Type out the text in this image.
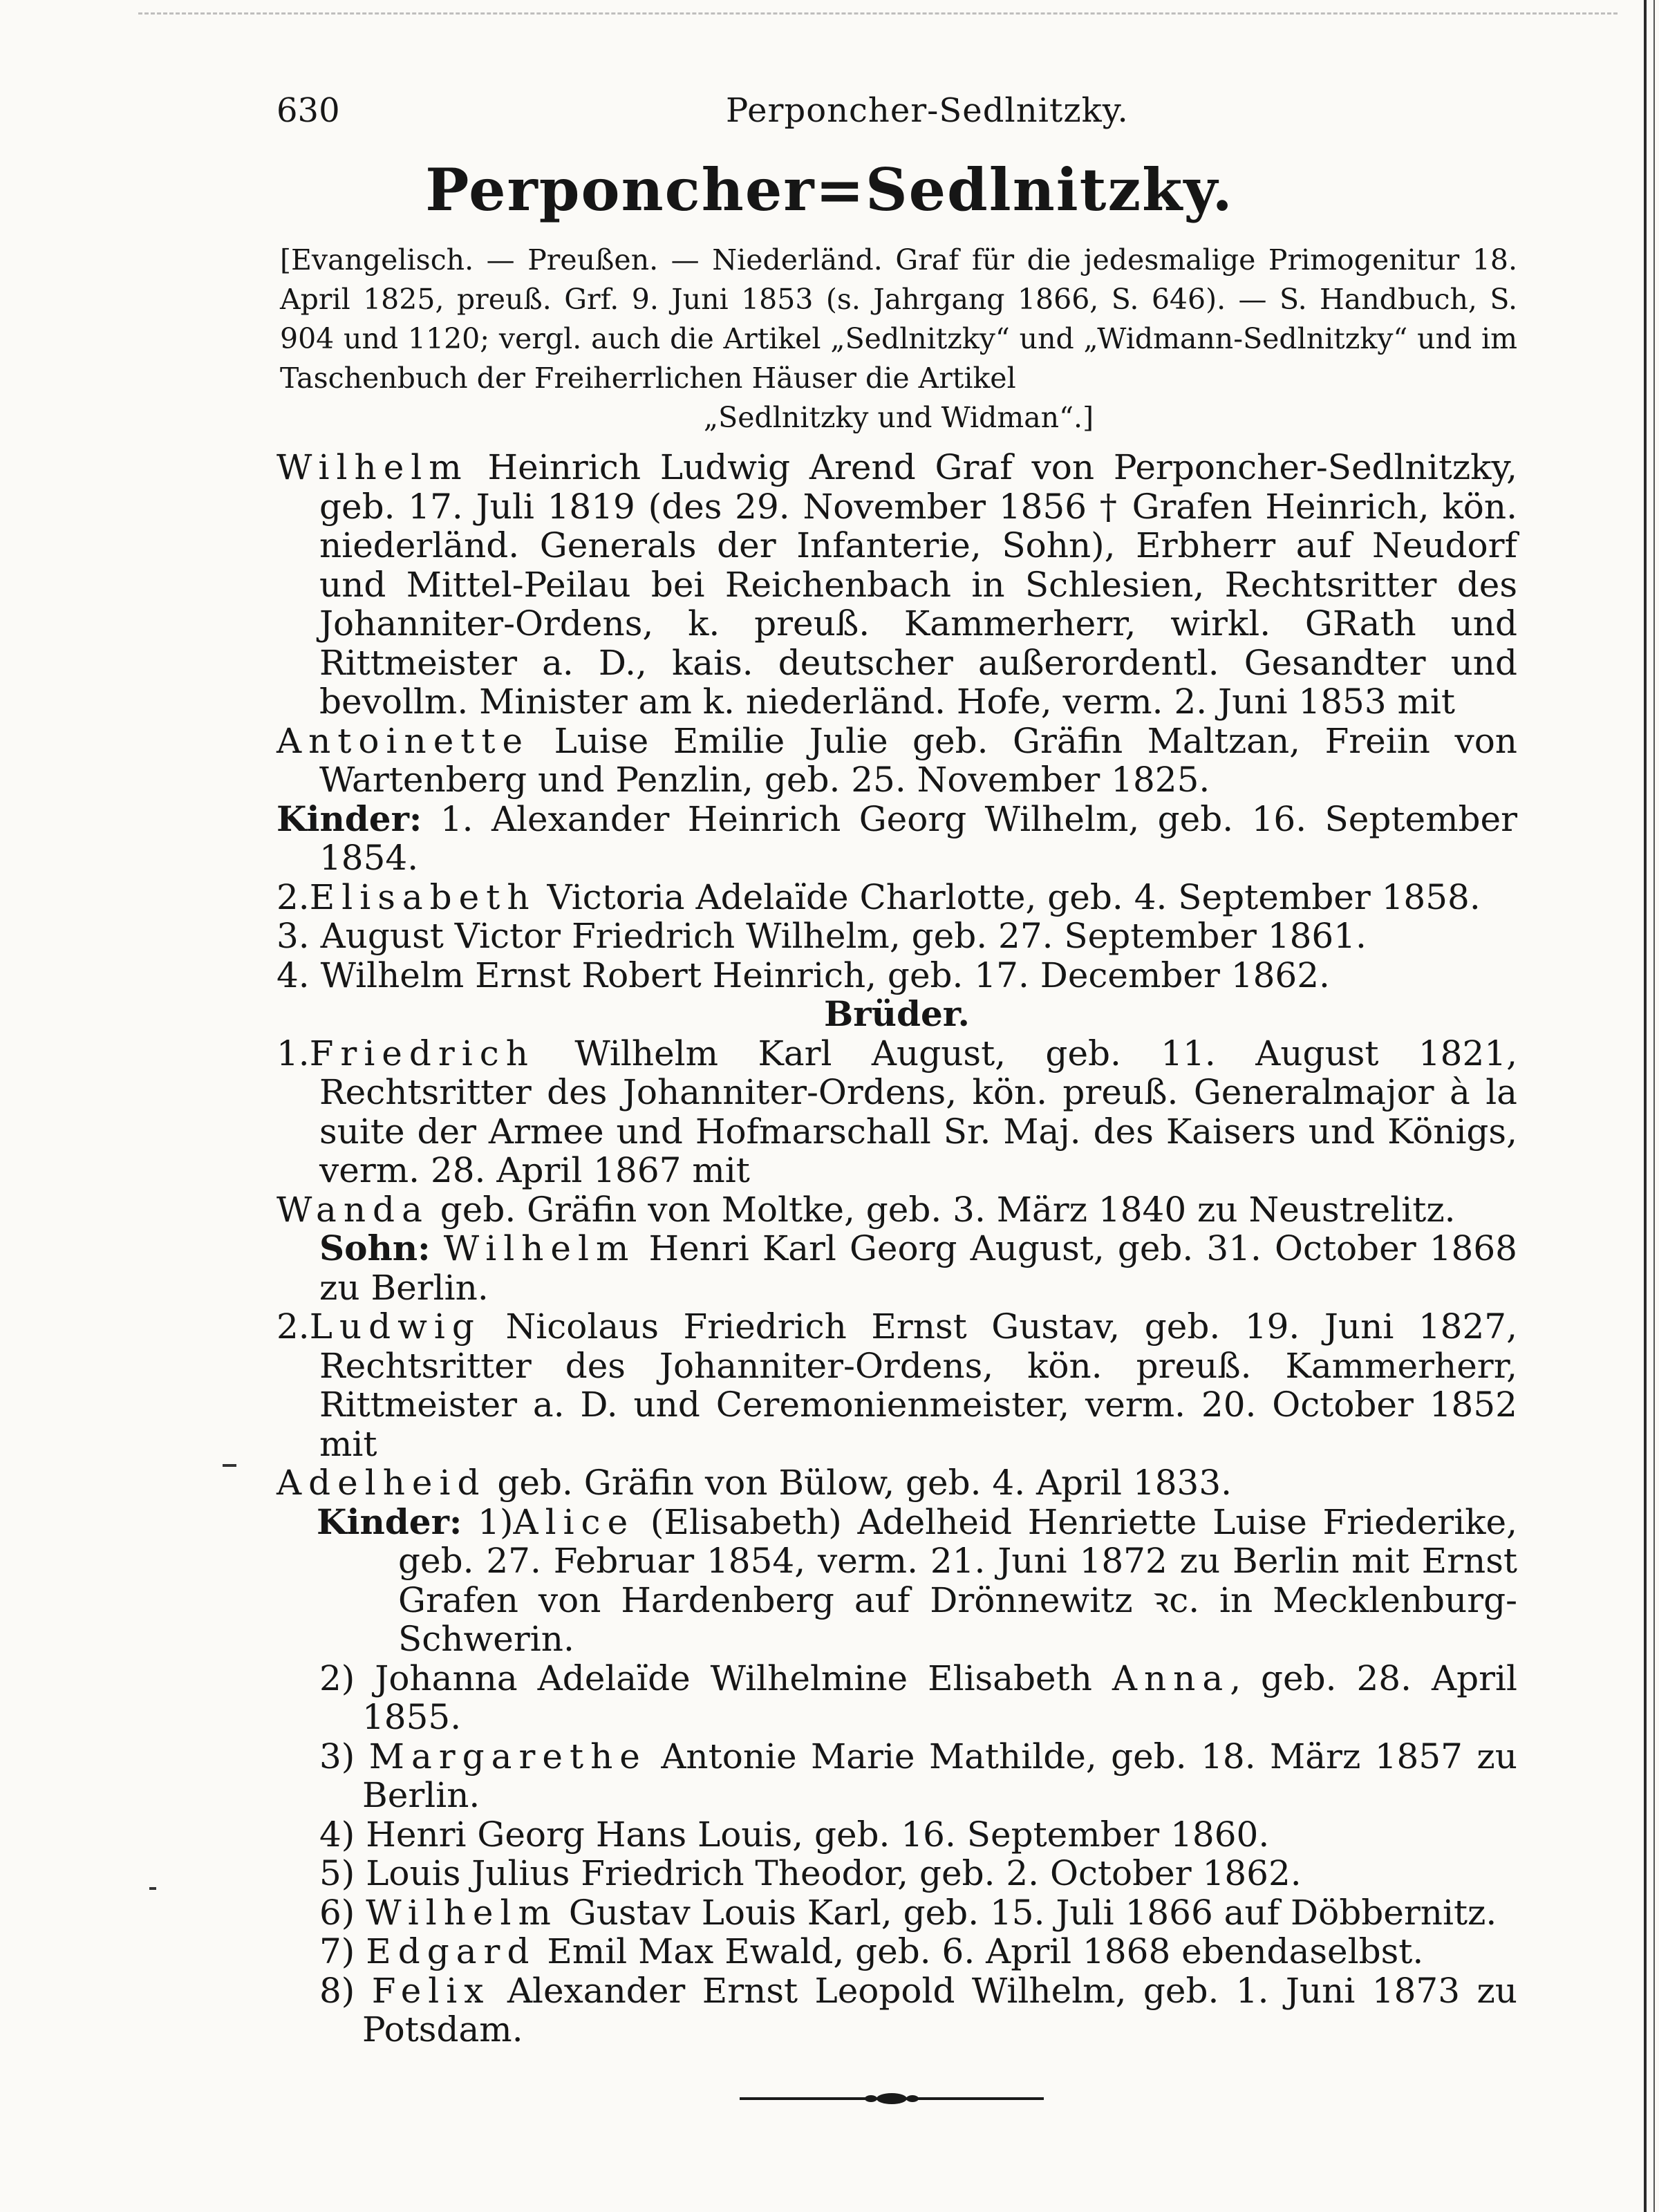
630	Perponcher-Sedlnitzky.
Perponcher=Sedlnitzky.
[Evangelisch. — Preußen. — Niederländ. Graf für die jedesmalige Primogenitur 18. April 1825, preuß. Grf. 9. Juni 1853 (s. Jahrgang 1866, S. 646). — S. Handbuch, S. 904 und 1120; vergl. auch die Artikel „Sedlnitzky“ und „Widmann-Sedlnitzky“ und im Taschenbuch der Freiherrlichen Häuser die Artikel
„Sedlnitzky und Widman“.]
Wilhelm Heinrich Ludwig Arend Graf von Perponcher-Sedlnitzky, geb. 17. Juli 1819 (des 29. November 1856 † Grafen Heinrich, kön. niederländ. Generals der Infanterie, Sohn), Erbherr auf Neudorf und Mittel-Peilau bei Reichenbach in Schlesien, Rechtsritter des Johanniter-Ordens, k. preuß. Kammerherr, wirkl. GRath und Rittmeister a. D., kais. deutscher außerordentl. Gesandter und bevollm. Minister am k. niederländ. Hofe, verm. 2. Juni 1853 mit
Antoinette Luise Emilie Julie geb. Gräfin Maltzan, Freiin von Wartenberg und Penzlin, geb. 25. November 1825.
Kinder: 1. Alexander Heinrich Georg Wilhelm, geb. 16. September 1854.
2.Elisabeth Victoria Adelaïde Charlotte, geb. 4. September 1858.
3. August Victor Friedrich Wilhelm, geb. 27. September 1861.
4. Wilhelm Ernst Robert Heinrich, geb. 17. December 1862.
Brüder.
1.Friedrich Wilhelm Karl August, geb. 11. August 1821, Rechtsritter des Johanniter-Ordens, kön. preuß. Generalmajor à la suite der Armee und Hofmarschall Sr. Maj. des Kaisers und Königs, verm. 28. April 1867 mit
Wanda geb. Gräfin von Moltke, geb. 3. März 1840 zu Neustrelitz.
Sohn: Wilhelm Henri Karl Georg August, geb. 31. October 1868 zu Berlin.
2.Ludwig Nicolaus Friedrich Ernst Gustav, geb. 19. Juni 1827, Rechtsritter des Johanniter-Ordens, kön. preuß. Kammerherr, Rittmeister a. D. und Ceremonienmeister, verm. 20. October 1852 mit
Adelheid geb. Gräfin von Bülow, geb. 4. April 1833.
Kinder: 1)Alice (Elisabeth) Adelheid Henriette Luise Friederike, geb. 27. Februar 1854, verm. 21. Juni 1872 zu Berlin mit Ernst Grafen von Hardenberg auf Drönnewitz ꝛc. in Mecklenburg-Schwerin.
2) Johanna Adelaïde Wilhelmine Elisabeth Anna, geb. 28. April 1855.
3) Margarethe Antonie Marie Mathilde, geb. 18. März 1857 zu Berlin.
4) Henri Georg Hans Louis, geb. 16. September 1860.
5) Louis Julius Friedrich Theodor, geb. 2. October 1862.
6) Wilhelm Gustav Louis Karl, geb. 15. Juli 1866 auf Döbbernitz.
7) Edgard Emil Max Ewald, geb. 6. April 1868 ebendaselbst.
8) Felix Alexander Ernst Leopold Wilhelm, geb. 1. Juni 1873 zu Potsdam.
